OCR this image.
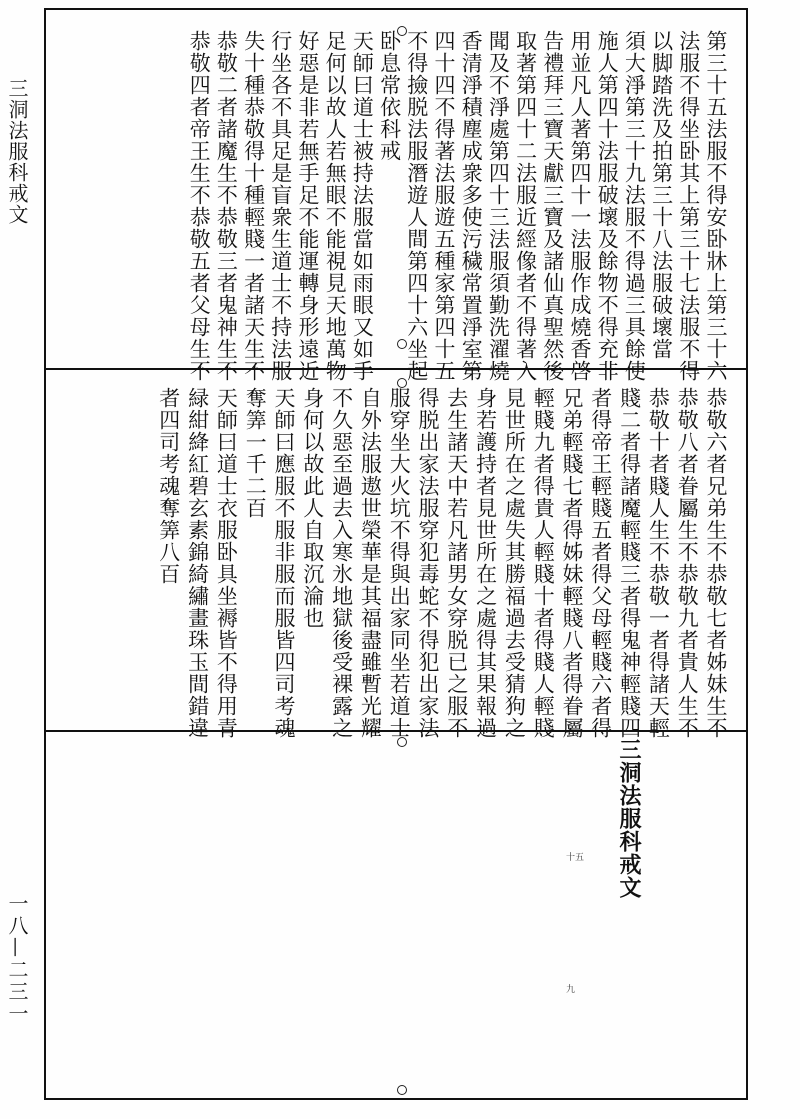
三洞法服科戒文
一八—二三一
第三十五法服不得安卧牀上第三十六
法服不得坐卧其上第三十七法服不得
以脚踏洗及拍第三十八法服破壞當
須大淨第三十九法服不得過三具餘使
施人第四十法服破壞及餘物不得充非
用並凡人著第四十一法服作成燒香啓
告禮拜三寶天獻三寶及諸仙真聖然後
取著第四十二法服近經像者不得著入
聞及不淨處第四十三法服須勤洗濯燒
香清淨積塵成衆多使污穢常置淨室第
四十四不得著法服遊五種家第四十五
不得撿脱法服潛遊人間第四十六坐起
卧息常依科戒
天師曰道士被持法服當如雨眼又如手
足何以故人若無眼不能視見天地萬物
好惡是非若無手足不能運轉身形遠近
行坐各不具足是盲衆生道士不持法服
失十種恭敬得十種輕賤一者諸天生不
恭敬二者諸魔生不恭敬三者鬼神生不
恭敬四者帝王生不恭敬五者父母生不
恭敬六者兄弟生不恭敬七者姊妹生不
恭敬八者眷屬生不恭敬九者貴人生不
恭敬十者賤人生不恭敬一者得諸天輕
賤二者得諸魔輕賤三者得鬼神輕賤四
者得帝王輕賤五者得父母輕賤六者得
兄弟輕賤七者得姊妹輕賤八者得眷屬
輕賤九者得貴人輕賤十者得賤人輕賤
見世所在之處失其勝福過去受猜狗之
身若護持者見世所在之處得其果報過
去生諸天中若凡諸男女穿脱已之服不
得脱出家法服穿犯毒蛇不得犯出家法
服穿坐大火坑不得與出家同坐若道士
自外法服遨世榮華是其福盡雖暫光耀
不久惡至過去入寒氷地獄後受裸露之
身何以故此人自取沉淪也
天師曰應服不服非服而服皆四司考魂
奪筭一千二百
天師曰道士衣服卧具坐褥皆不得用青
緑紺絳紅碧玄素錦綺繡畫珠玉間錯違
者四司考魂奪筭八百
三洞法服科戒文
十五
九
